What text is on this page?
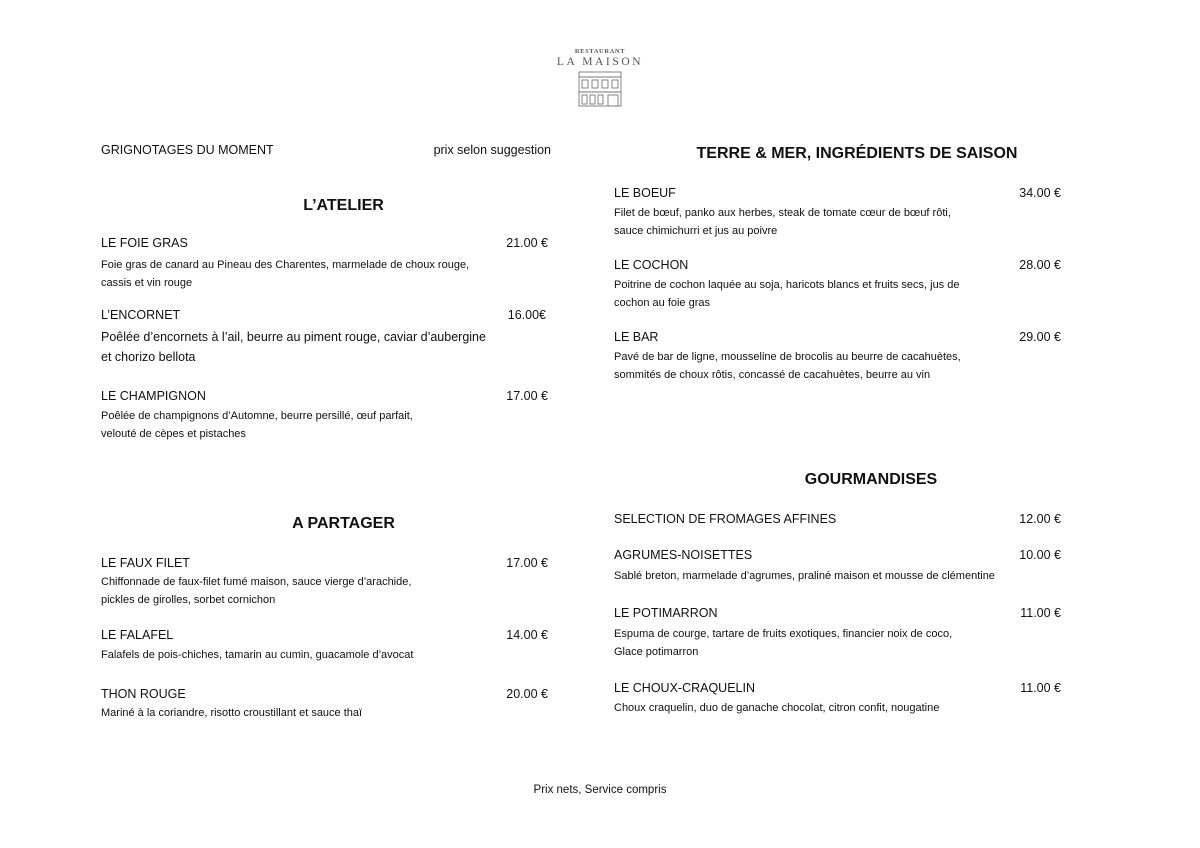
RESTAURANT
LA MAISON
GRIGNOTAGES DU MOMENT	prix selon suggestion
L’ATELIER
LE FOIE GRAS	21.00 €
Foie gras de canard au Pineau des Charentes, marmelade de choux rouge,
cassis et vin rouge
L’ENCORNET	16.00€
Poêlée d’encornets à l’ail, beurre au piment rouge, caviar d’aubergine
et chorizo bellota
LE CHAMPIGNON	17.00 €
Poêlée de champignons d’Automne, beurre persillé, œuf parfait,
velouté de cèpes et pistaches
A PARTAGER
LE FAUX FILET	17.00 €
Chiffonnade de faux-filet fumé maison, sauce vierge d’arachide,
pickles de girolles, sorbet cornichon
LE FALAFEL	14.00 €
Falafels de pois-chiches, tamarin au cumin, guacamole d’avocat
THON ROUGE	20.00 €
Mariné à la coriandre, risotto croustillant et sauce thaï
TERRE & MER, INGRÉDIENTS DE SAISON
LE BOEUF	34.00 €
Filet de bœuf, panko aux herbes, steak de tomate cœur de bœuf rôti,
sauce chimichurri et jus au poivre
LE COCHON	28.00 €
Poitrine de cochon laquée au soja, haricots blancs et fruits secs, jus de
cochon au foie gras
LE BAR	29.00 €
Pavé de bar de ligne, mousseline de brocolis au beurre de cacahuètes,
sommités de choux rôtis, concassé de cacahuètes, beurre au vin
GOURMANDISES
SELECTION DE FROMAGES AFFINES	12.00 €
AGRUMES-NOISETTES	10.00 €
Sablé breton, marmelade d’agrumes, praliné maison et mousse de clémentine
LE POTIMARRON	11.00 €
Espuma de courge, tartare de fruits exotiques, financier noix de coco,
Glace potimarron
LE CHOUX-CRAQUELIN	11.00 €
Choux craquelin, duo de ganache chocolat, citron confit, nougatine
Prix nets, Service compris
